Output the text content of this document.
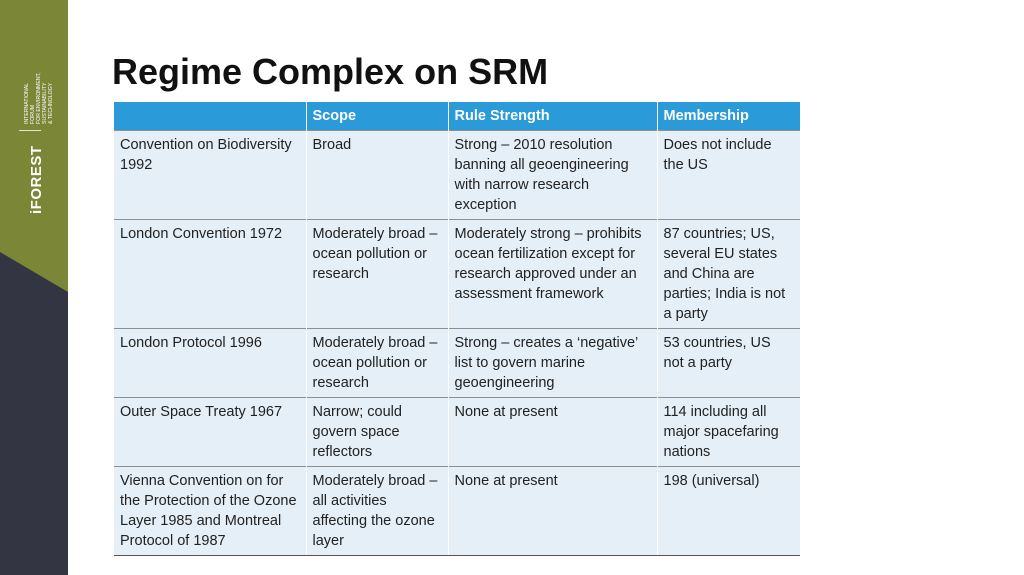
INTERNATIONAL FORUM FOR ENVIRONMENT, SUSTAINABILITY & TECHNOLOGY
iFOREST
Regime Complex on SRM
	Scope	Rule Strength	Membership
Convention on Biodiversity 1992	Broad	Strong – 2010 resolution banning all geoengineering with narrow research exception	Does not include the US
London Convention 1972	Moderately broad –ocean pollution or research	Moderately strong – prohibits ocean fertilization except for research approved under an assessment framework	87 countries; US, several EU states and China are parties; India is not a party
London Protocol 1996	Moderately broad –ocean pollution or research	Strong – creates a ‘negative’ list to govern marine geoengineering	53 countries, US not a party
Outer Space Treaty 1967	Narrow; could govern space reflectors	None at present	114 including all major spacefaring nations
Vienna Convention on for the Protection of the Ozone Layer 1985 and Montreal Protocol of 1987	Moderately broad – all activities affecting the ozone layer	None at present	198 (universal)
